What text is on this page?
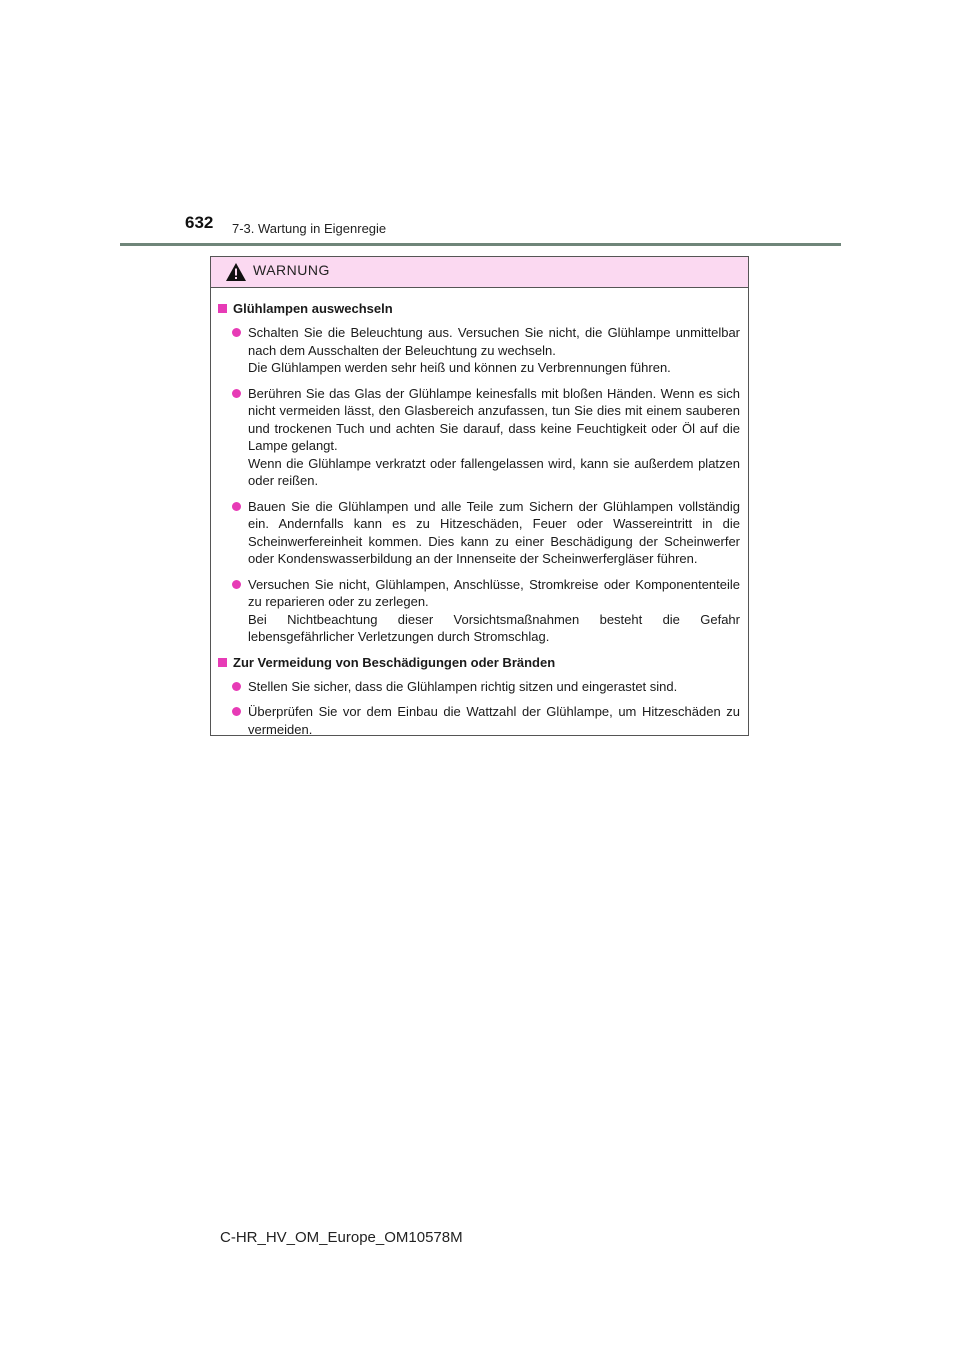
632 7-3. Wartung in Eigenregie
WARNUNG
Glühlampen auswechseln

Schalten Sie die Beleuchtung aus. Versuchen Sie nicht, die Glühlampe unmittelbar nach dem Ausschalten der Beleuchtung zu wechseln.

Die Glühlampen werden sehr heiß und können zu Verbrennungen führen.

Berühren Sie das Glas der Glühlampe keinesfalls mit bloßen Händen. Wenn es sich nicht vermeiden lässt, den Glasbereich anzufassen, tun Sie dies mit einem sauberen und trockenen Tuch und achten Sie darauf, dass keine Feuchtigkeit oder Öl auf die Lampe gelangt.

Wenn die Glühlampe verkratzt oder fallengelassen wird, kann sie außerdem platzen oder reißen.

Bauen Sie die Glühlampen und alle Teile zum Sichern der Glühlampen vollständig ein. Andernfalls kann es zu Hitzeschäden, Feuer oder Wassereintritt in die Scheinwerfereinheit kommen. Dies kann zu einer Beschädigung der Scheinwerfer oder Kondenswasserbildung an der Innenseite der Scheinwerfergläser führen.

Versuchen Sie nicht, Glühlampen, Anschlüsse, Stromkreise oder Komponententeile zu reparieren oder zu zerlegen.

Bei Nichtbeachtung dieser Vorsichtsmaßnahmen besteht die Gefahr lebensgefährlicher Verletzungen durch Stromschlag.

Zur Vermeidung von Beschädigungen oder Bränden

Stellen Sie sicher, dass die Glühlampen richtig sitzen und eingerastet sind.

Überprüfen Sie vor dem Einbau die Wattzahl der Glühlampe, um Hitzeschäden zu vermeiden.

C-HR_HV_OM_Europe_OM10578M
